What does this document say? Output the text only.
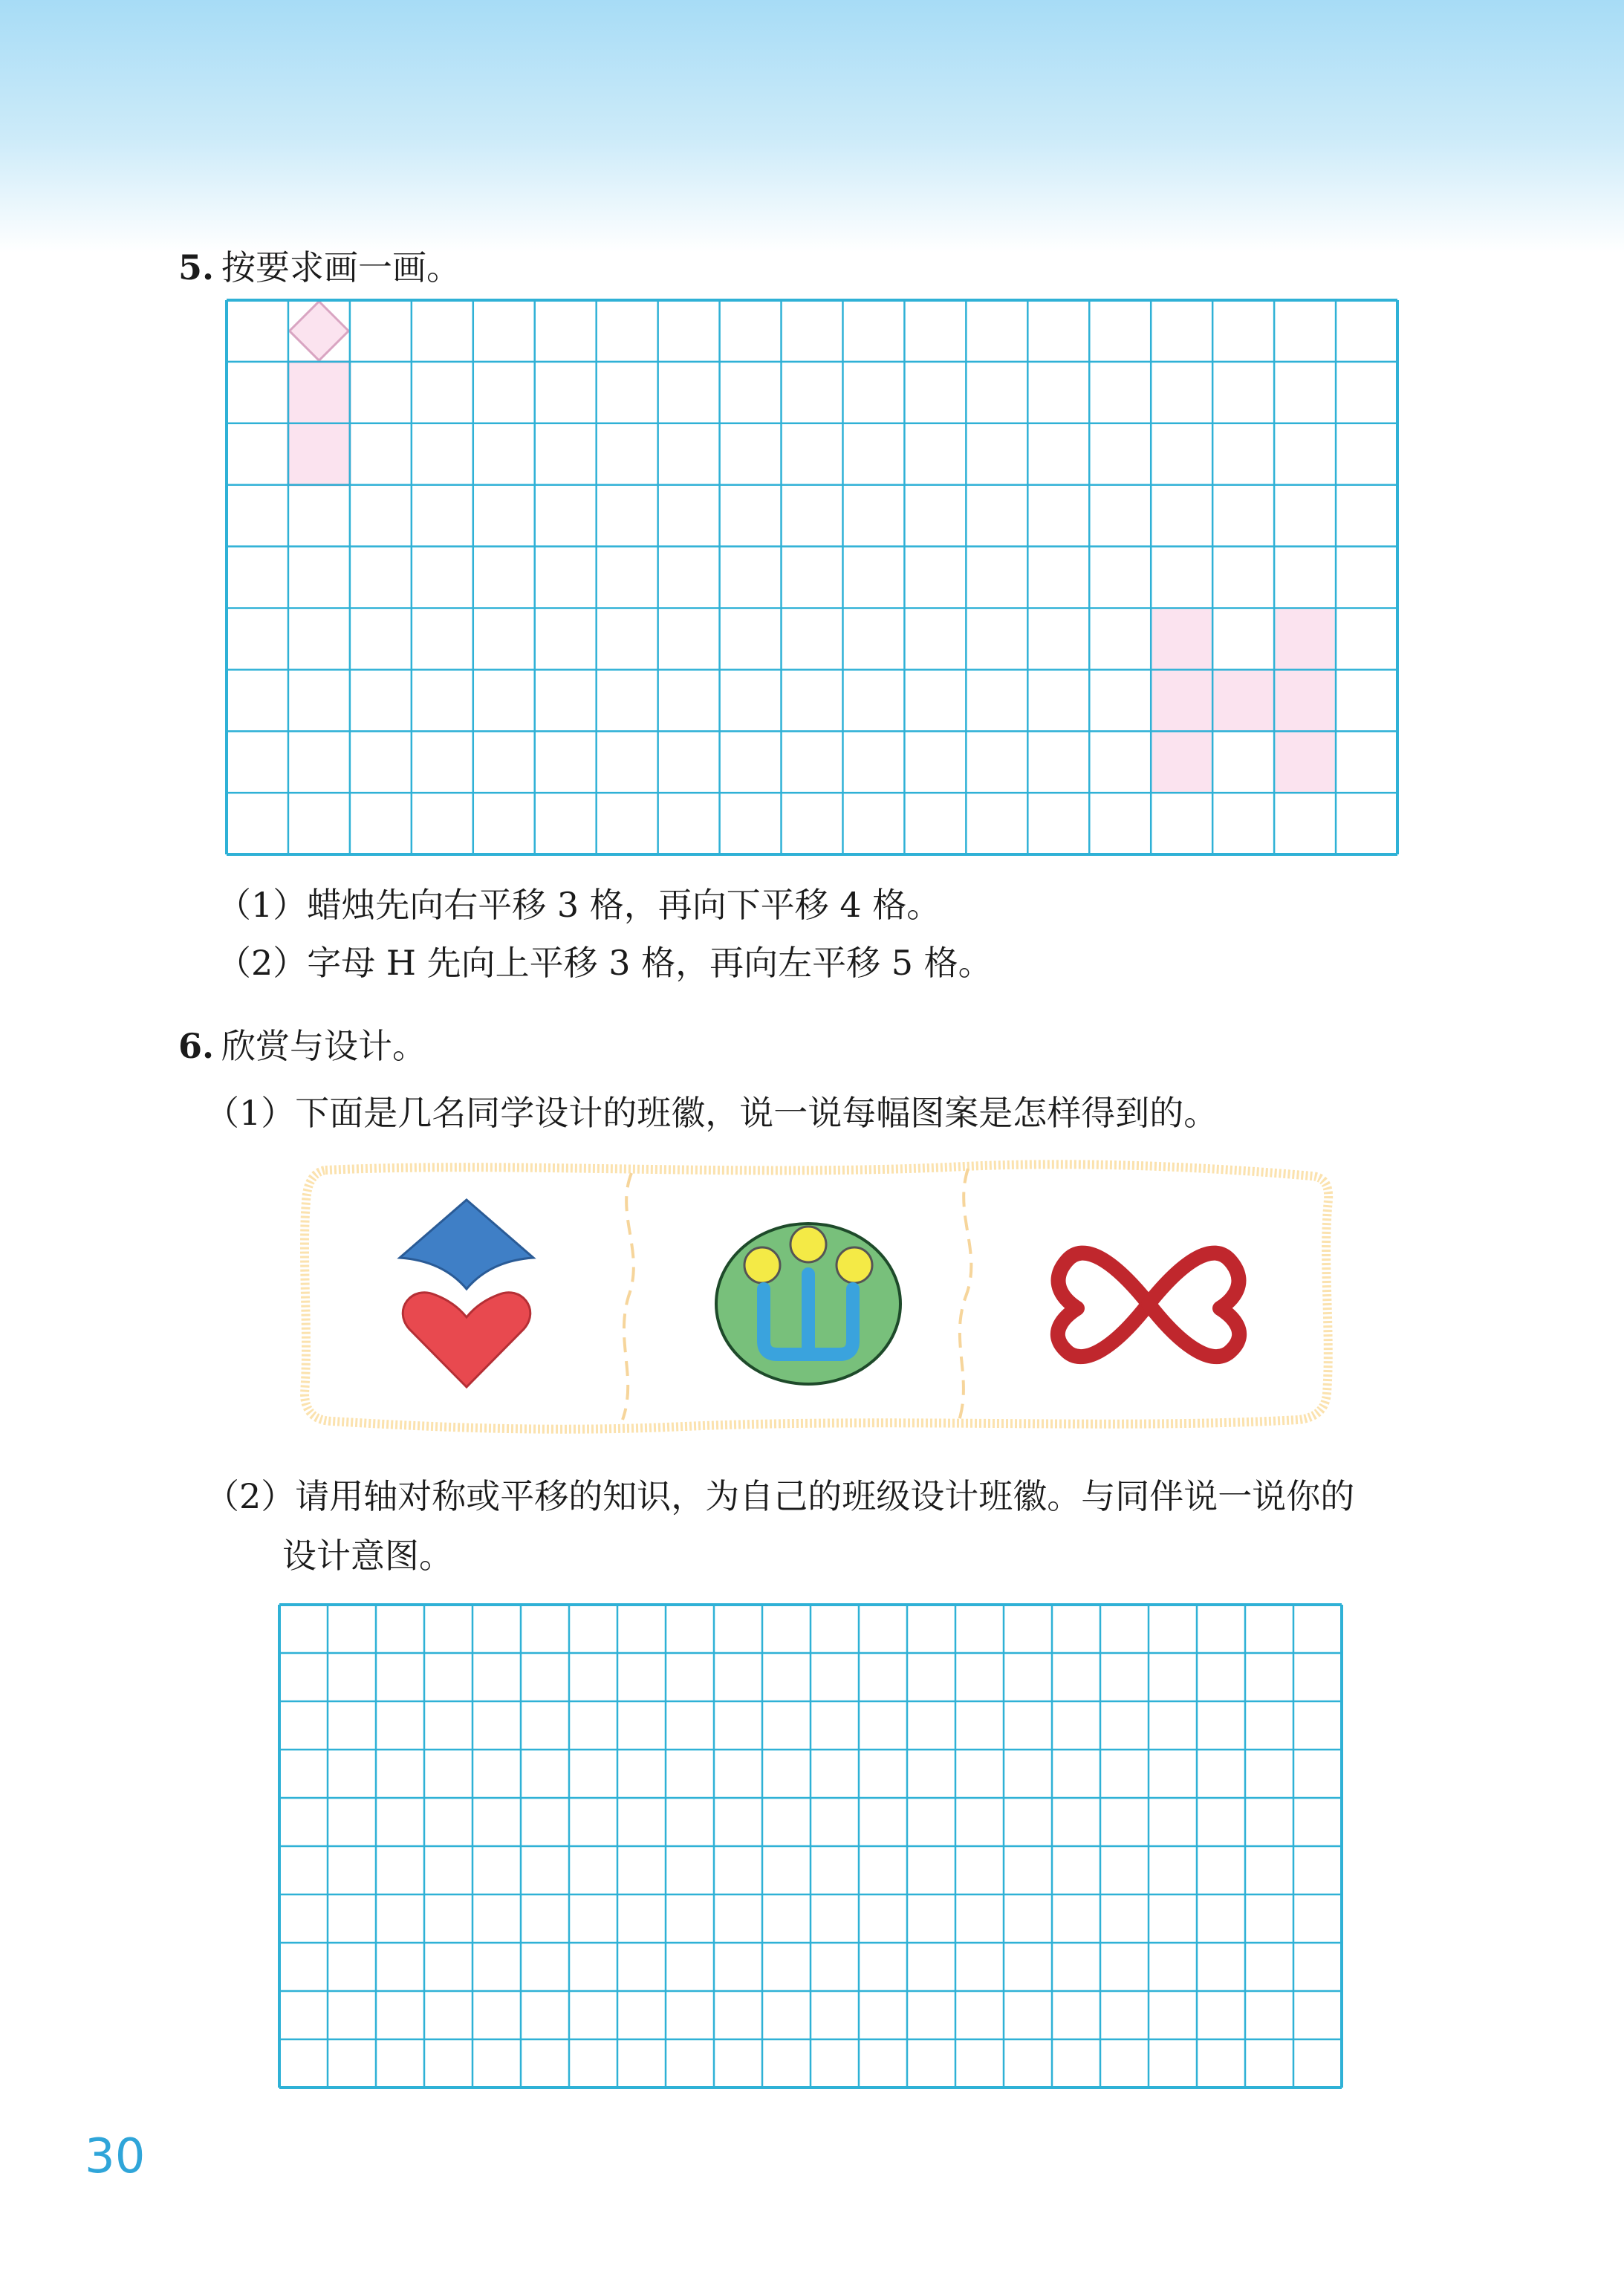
5. 按要求画一画。
（1）蜡烛先向右平移 3 格，再向下平移 4 格。
（2）字母 H 先向上平移 3 格，再向左平移 5 格。
6. 欣赏与设计。
（1）下面是几名同学设计的班徽，说一说每幅图案是怎样得到的。
（2）请用轴对称或平移的知识，为自己的班级设计班徽。与同伴说一说你的
设计意图。
30
